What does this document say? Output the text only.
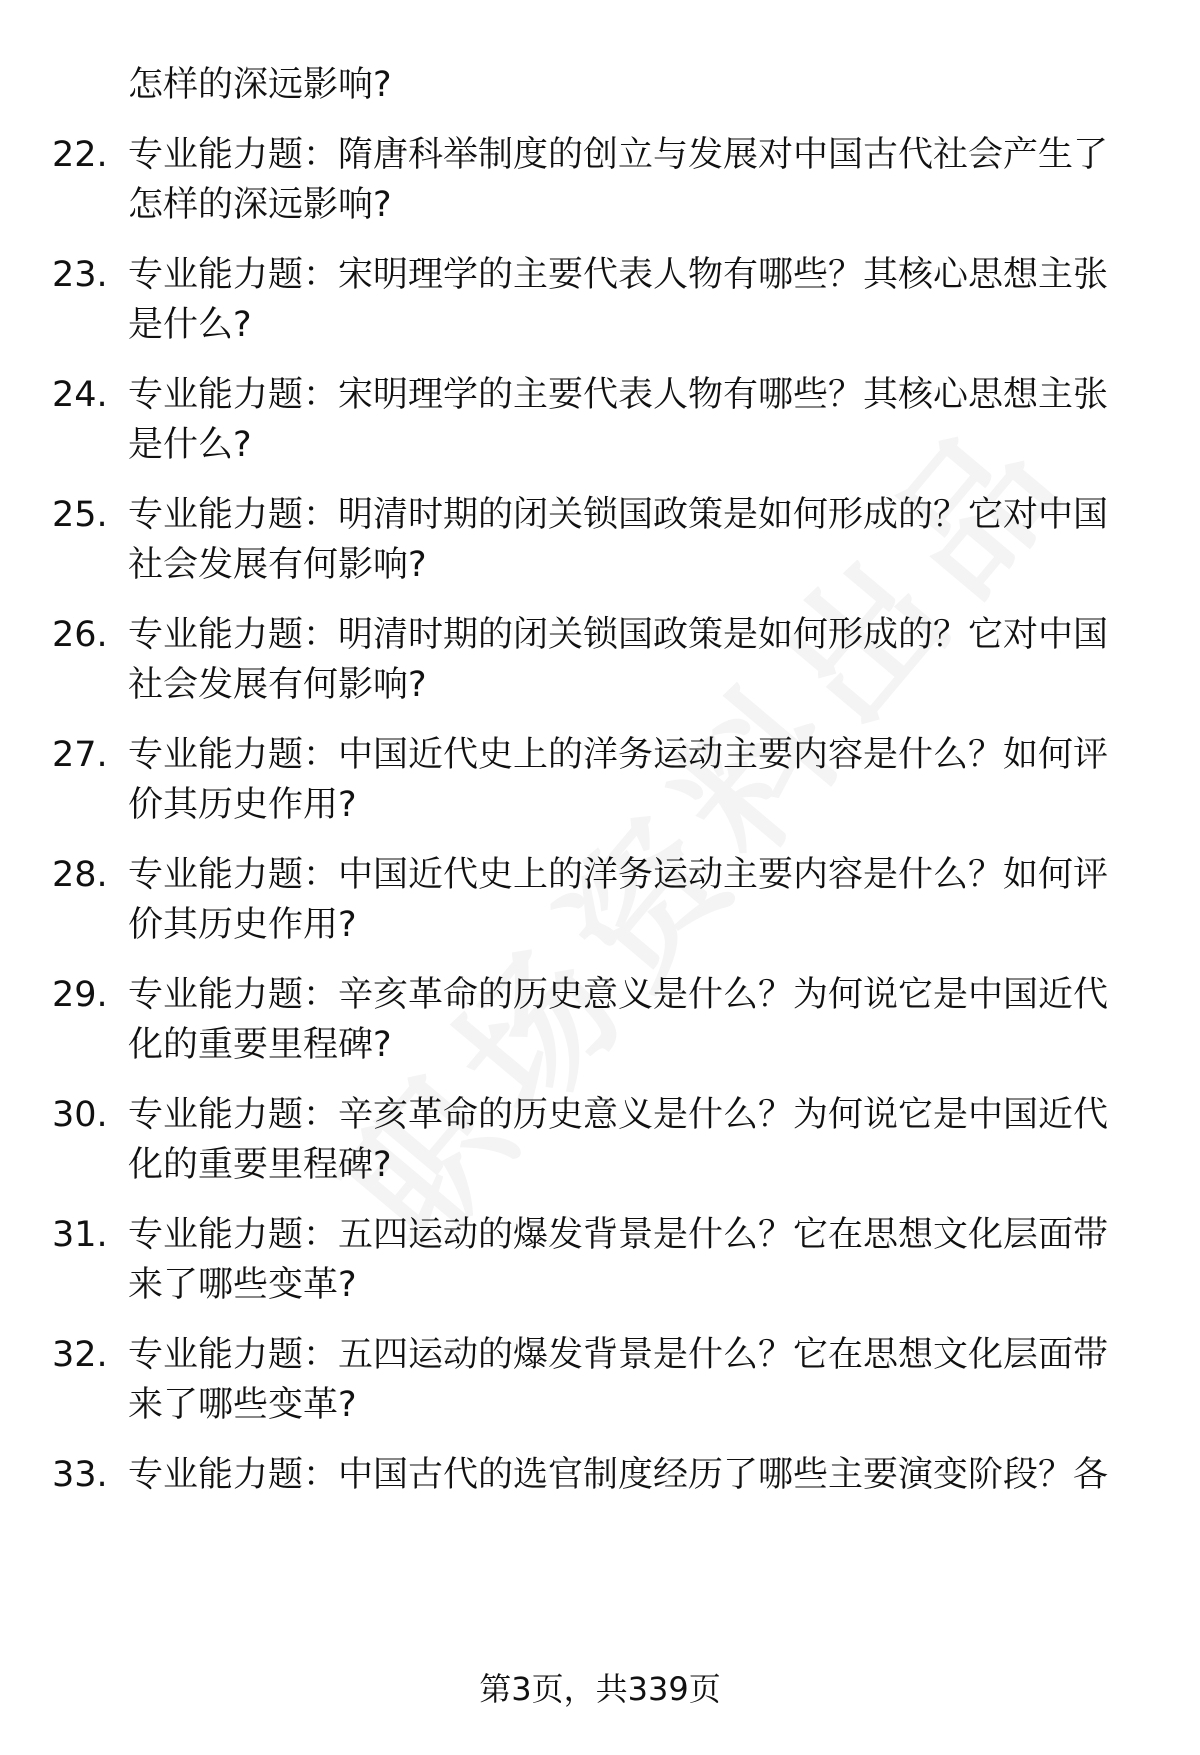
怎样的深远影响?
22. 专业能力题：隋唐科举制度的创立与发展对中国古代社会产生了
怎样的深远影响?
23. 专业能力题：宋明理学的主要代表人物有哪些？其核心思想主张
是什么?
24. 专业能力题：宋明理学的主要代表人物有哪些？其核心思想主张
是什么?
25. 专业能力题：明清时期的闭关锁国政策是如何形成的？它对中国
社会发展有何影响?
26. 专业能力题：明清时期的闭关锁国政策是如何形成的？它对中国
社会发展有何影响?
27. 专业能力题：中国近代史上的洋务运动主要内容是什么？如何评
价其历史作用?
28. 专业能力题：中国近代史上的洋务运动主要内容是什么？如何评
价其历史作用?
29. 专业能力题：辛亥革命的历史意义是什么？为何说它是中国近代
化的重要里程碑?
30. 专业能力题：辛亥革命的历史意义是什么？为何说它是中国近代
化的重要里程碑?
31. 专业能力题：五四运动的爆发背景是什么？它在思想文化层面带
来了哪些变革?
32. 专业能力题：五四运动的爆发背景是什么？它在思想文化层面带
来了哪些变革?
33. 专业能力题：中国古代的选官制度经历了哪些主要演变阶段？各
第3页，共339页
